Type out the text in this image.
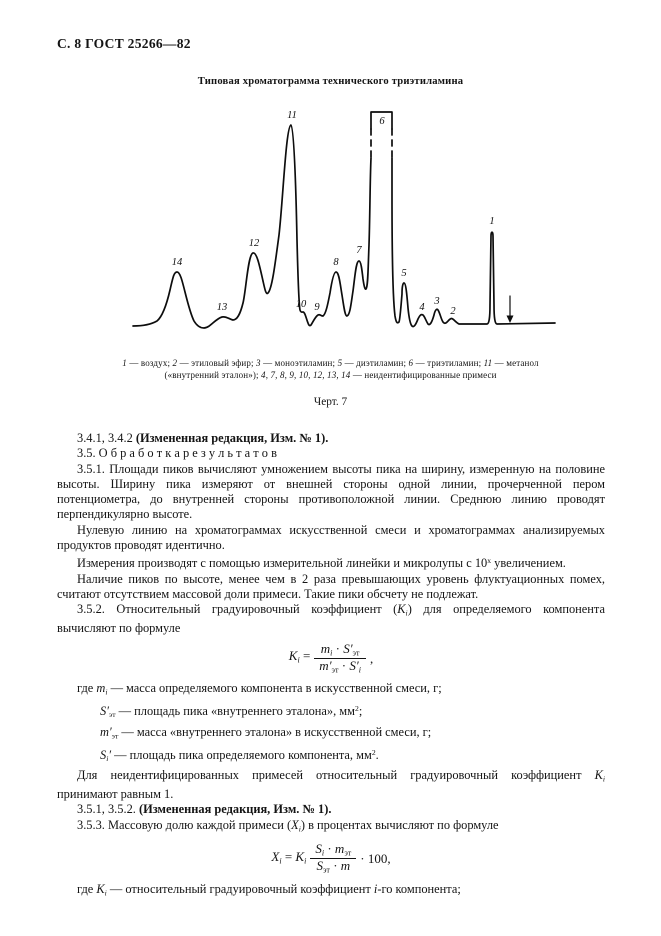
С. 8 ГОСТ 25266—82
Типовая хроматограмма технического триэтиламина
14
13
12
11
10 9
8
7
6
5
4
3
2
1
1 — воздух; 2 — этиловый эфир; 3 — моноэтиламин; 5 — диэтиламин; 6 — триэтиламин; 11 — метанол
(«внутренний эталон»); 4, 7, 8, 9, 10, 12, 13, 14 — неидентифицированные примеси
Черт. 7

3.4.1, 3.4.2 (Измененная редакция, Изм. № 1).

3.5. О б р а б о т к а р е з у л ь т а т о в

3.5.1. Площади пиков вычисляют умножением высоты пика на ширину, измеренную на половине высоты. Ширину пика измеряют от внешней стороны одной линии, прочерченной пером потенциометра, до внутренней стороны противоположной линии. Среднюю линию проводят перпендикулярно высоте.

Нулевую линию на хроматограммах искусственной смеси и хроматограммах анализируемых продуктов проводят идентично.

Измерения производят с помощью измерительной линейки и микролупы с $10^х$ увеличением.

Наличие пиков по высоте, менее чем в 2 раза превышающих уровень флуктуационных помех, считают отсутствием массовой доли примеси. Такие пики обсчету не подлежат.

3.5.2. Относительный градуировочный коэффициент (Ki) для определяемого компонента вычисляют по формуле

$Ki = \frac{mi \cdot S'эт}{m'эт \cdot S'i}$ ,

где mi — масса определяемого компонента в искусственной смеси, г;

S′эт — площадь пика «внутреннего эталона», $мм^2$;

m′эт — масса «внутреннего эталона» в искусственной смеси, г;

Si′ — площадь пика определяемого компонента, $мм^2$.

Для неидентифицированных примесей относительный градуировочный коэффициент Ki принимают равным 1.

3.5.1, 3.5.2. (Измененная редакция, Изм. № 1).

3.5.3. Массовую долю каждой примеси (Xi) в процентах вычисляют по формуле

Xi = Ki $\frac{\text{Si · mэт}}{\text{Sэт · m}} \cdot 100$,

где Ki — относительный градуировочный коэффициент i-го компонента;
